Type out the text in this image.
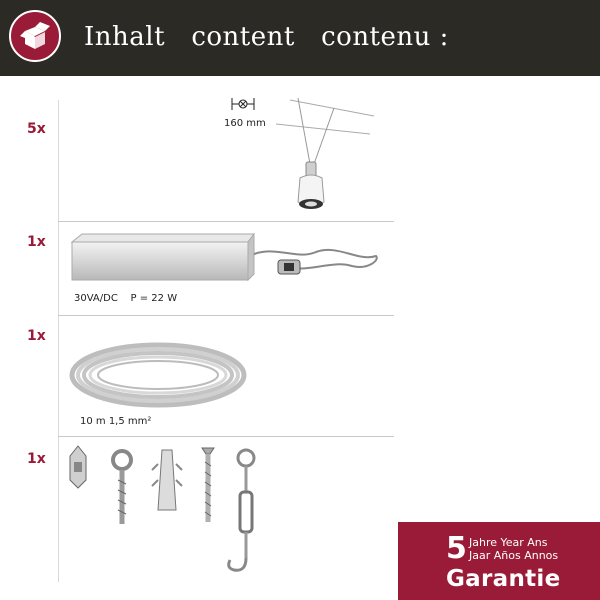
Inhalt   content   contenu :
5x	160 mm
1x
30VA/DC    P = 22 W
1x
10 m 1,5 mm²
1x
5 Jahre Year Ans
Jaar Años Annos
Garantie
